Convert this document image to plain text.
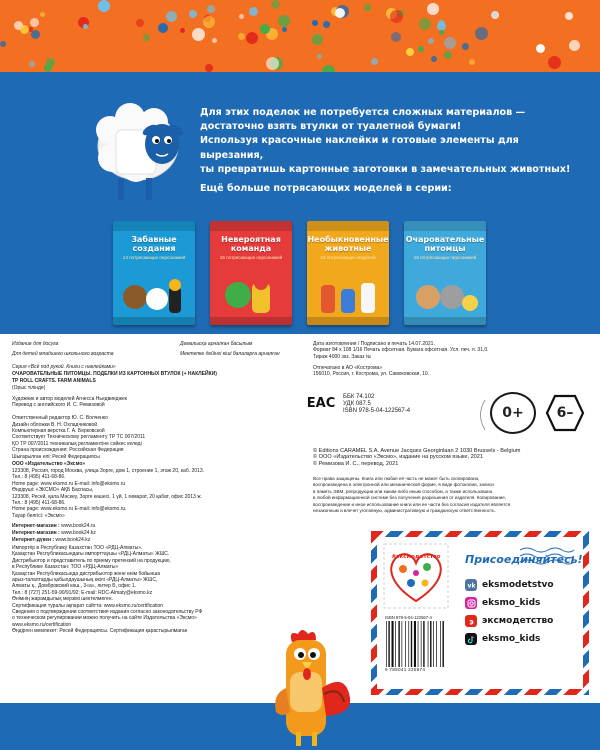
Для этих поделок не потребуется сложных материалов —

достаточно взять втулки от туалетной бумаги!

Используя красочные наклейки и готовые элементы для вырезания,

ты превратишь картонные заготовки в замечательных животных!

Ещё больше потрясающих моделей в серии:
Забавные
создания
14 потрясающих персонажей
Невероятная
команда
15 потрясающих персонажей
Необыкновенные
животные
15 потрясающих моделей
Очаровательные
питомцы
15 потрясающих персонажей
Издание для досуга	Демалысқа арналған басылым
Для детей младшего школьного возраста	Мектепке дейінгі кіші балаларға арналған
Серия «Всё под рукой. Книги с наклейками»
ОЧАРОВАТЕЛЬНЫЕ ПИТОМЦЫ. ПОДЕЛКИ ИЗ КАРТОННЫХ ВТУЛОК (+ НАКЛЕЙКИ)
TP ROLL CRAFTS. FARM ANIMALS
(Орыс тілінде)
Художник и автор моделей Агнесса Ньедвиеджек
Перевод с английского И. С. Ремизовой
Ответственный редактор Ю. С. Волченко
Дизайн обложки В. Н. Охладчиковой
Компьютерная верстка Г. А. Берковской
Соответствует Техническому регламенту ТР ТС 007/2011
ҚО ТР 007/2011 техникалық регламентіне сәйкес келеді
Страна происхождения: Российская Федерация
Шығарылған елі: Ресей Федерациясы
ООО «Издательство «Эксмо»
123308, Россия, город Москва, улица Зорге, дом 1, строение 1, этаж 20, каб. 2013.
Тел.: 8 (495) 411-68-86.
Home page: www.eksmo.ru E-mail: info@eksmo.ru
Өндіруші: «ЭКСМО» АҚБ Баспасы,
123308, Ресей, қала Мәскеу, Зорге көшесі, 1 үй, 1 ғимарат, 20 қабат, офис 2013 ж.
Тел.: 8 (495) 411-68-86.
Home page: www.eksmo.ru E-mail: info@eksmo.ru.
Тауар белгісі: «Эксмо»
Интернет-магазин : www.book24.ru
Интернет-магазин : www.book24.kz
Интернет-дүкен : www.book24.kz
Импортёр в Республику Казахстан ТОО «РДЦ-Алматы».
Қазақстан Республикасындағы импорттаушы «РДЦ-Алматы» ЖШС.
Дистрибьютор и представитель по приему претензий на продукцию,
в Республике Казахстан: ТОО «РДЦ-Алматы»
Қазақстан Республикасында дистрибьютор және өнім бойынша
арыз-талаптарды қабылдаушының өкілі «РДЦ-Алматы» ЖШС,
Алматы қ., Домбровский көш., 3«а», литер Б, офис 1.
Тел.: 8 (727) 251-59-90/91/92; E-mail: RDC-Almaty@eksmo.kz
Өнімнің жарамдылық мерзімі шектелмеген.
Сертификация туралы ақпарат сайтта: www.eksmo.ru/certification
Сведения о подтверждении соответствия издания согласно законодательству РФ
о техническом регулировании можно получить на сайте Издательства «Эксмо»
www.eksmo.ru/certification
Өндірген мемлекет: Ресей Федерациясы. Сертификация қарастырылмаған
Дата изготовления / Подписано в печать 14.07.2021.
Формат 84 x 108 1/16 Печать офсетная. Бумага офсетная. Усл. печ. л. 31,0.
Тираж 4000 экз. Заказ №
Отпечатано в АО «Кострома»
156010, Россия, г. Кострома, ул. Самоковская, 10.
EAC ББК 74.102
УДК 087.5
ISBN 978-5-04-122567-4	0+	6–
© Editions CARAMEL S.A. Avenue Jacques Georginlaan 2 1030 Brussels - Belgium
© ООО «Издательство «Эксмо», издание на русском языке, 2021
© Ремизова И. С., перевод, 2021
Все права защищены. Книга или любая её часть не может быть скопирована,
воспроизведена в электронной или механической форме, в виде фотокопии, записи
в память ЭВМ, репродукции или каким-либо иным способом, а также использована
в любой информационной системе без получения разрешения от издателя. Копирование,
воспроизведение и иное использование книги или ее части без согласия издателя является
незаконным и влечет уголовную, административную и гражданскую ответственность.
#эксмодетство Присоединяйтесь!
vk eksmodetstvo
eksmo_kids
э эксмодетство
eksmo_kids
ISBN 978-5-04-122567-4
9 785041 225674
